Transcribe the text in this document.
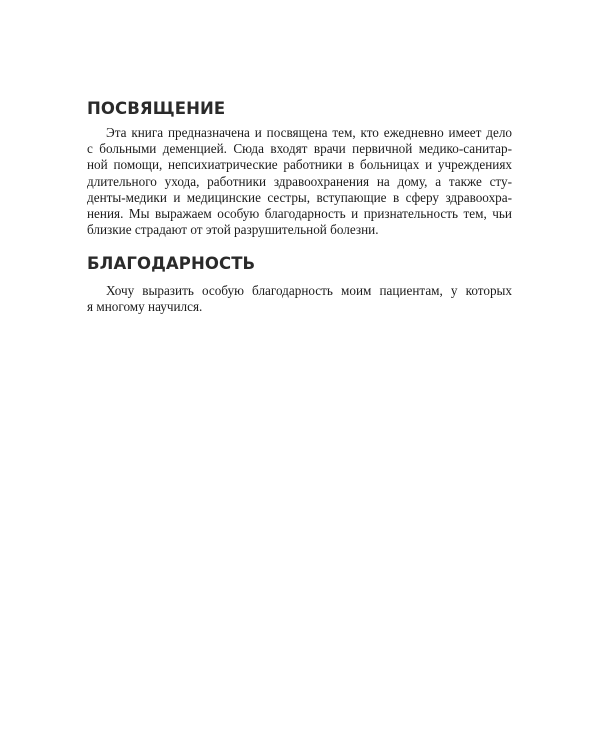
ПОСВЯЩЕНИЕ

Эта книга предназначена и посвящена тем, кто ежедневно имеет дело
с больными деменцией. Сюда входят врачи первичной медико-санитар-
ной помощи, непсихиатрические работники в больницах и учреждениях
длительного ухода, работники здравоохранения на дому, а также сту-
денты-медики и медицинские сестры, вступающие в сферу здравоохра-
нения. Мы выражаем особую благодарность и признательность тем, чьи
близкие страдают от этой разрушительной болезни.

БЛАГОДАРНОСТЬ

Хочу выразить особую благодарность моим пациентам, у которых
я многому научился.
